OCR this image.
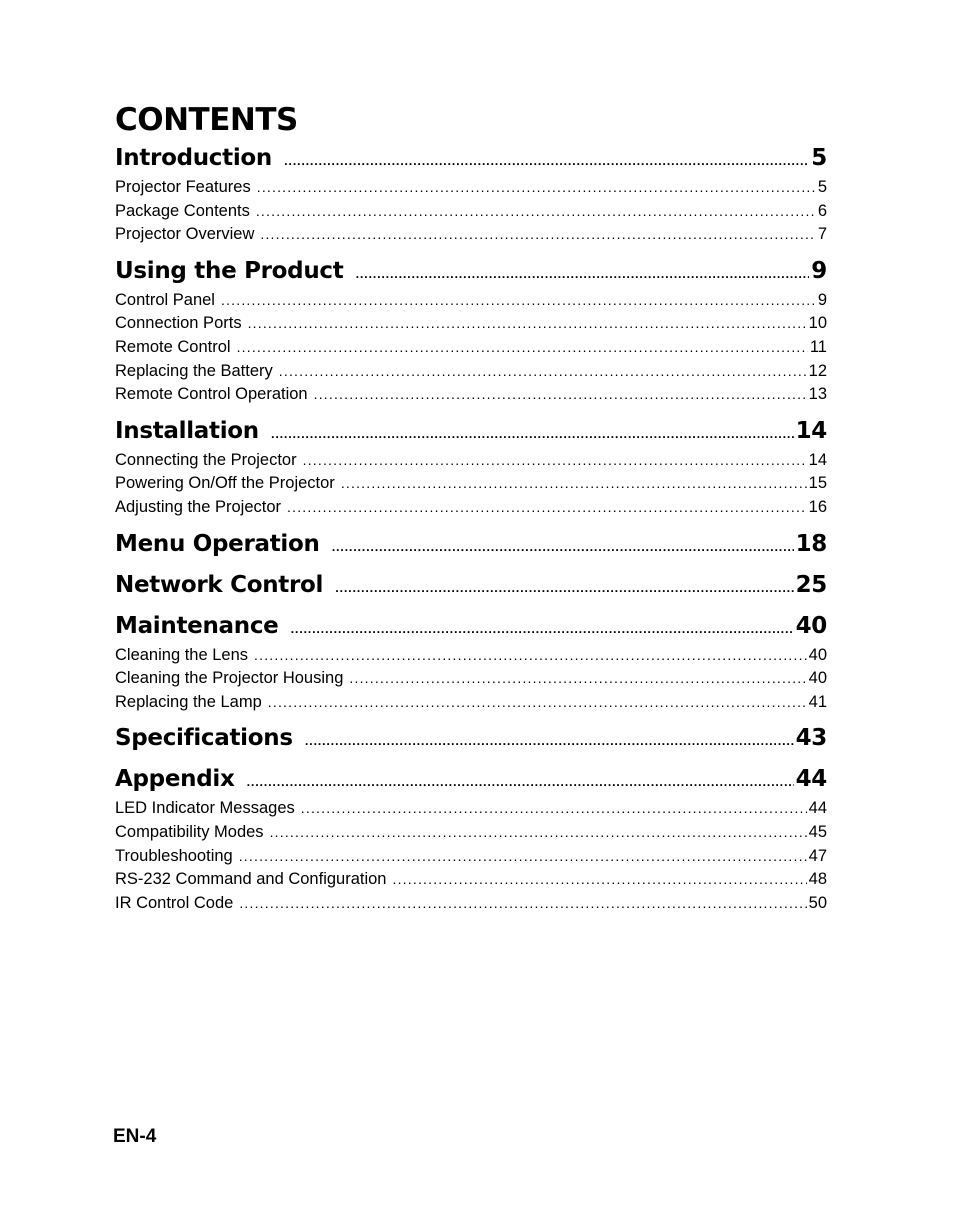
CONTENTS
Introduction .....	5
Projector Features .....	5
Package Contents .....	6
Projector Overview .....	7
Using the Product .....	9
Control Panel .....	9
Connection Ports .....	10
Remote Control .....	11
Replacing the Battery .....	12
Remote Control Operation .....	13
Installation .....	14
Connecting the Projector .....	14
Powering On/Off the Projector .....	15
Adjusting the Projector .....	16
Menu Operation .....	18
Network Control .....	25
Maintenance .....	40
Cleaning the Lens .....	40
Cleaning the Projector Housing .....	40
Replacing the Lamp .....	41
Specifications .....	43
Appendix .....	44
LED Indicator Messages .....	44
Compatibility Modes .....	45
Troubleshooting .....	47
RS-232 Command and Configuration .....	48
IR Control Code .....	50
EN-4
